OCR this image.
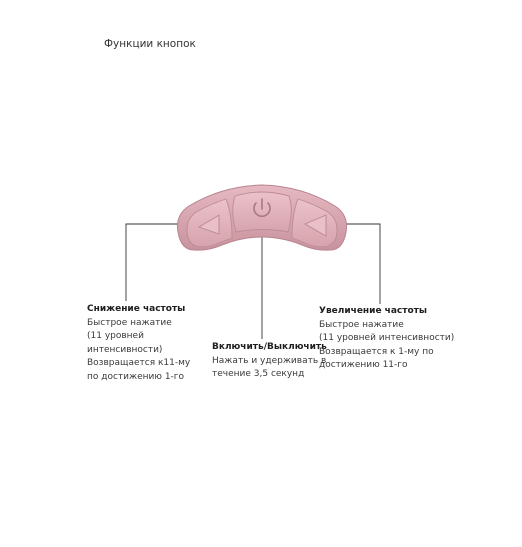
Функции кнопок
Снижение частоты
Быстрое нажатие
(11 уровней интенсивности)
Возвращается к11-му
по достижению 1-го
Включить/Выключить
Нажать и удерживать в
течение 3,5 секунд
Увеличение частоты
Быстрое нажатие
(11 уровней интенсивности)
Возвращается к 1-му по
достижению 11-го
